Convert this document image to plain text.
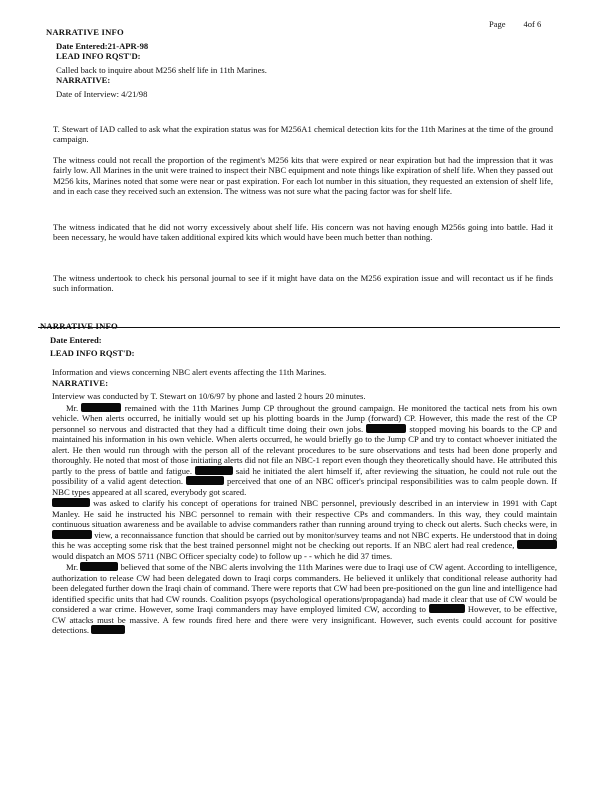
Page 4of 6
NARRATIVE INFO
Date Entered:21-APR-98
LEAD INFO RQST'D:
Called back to inquire about M256 shelf life in 11th Marines.
NARRATIVE:
Date of Interview: 4/21/98

T. Stewart of IAD called to ask what the expiration status was for M256A1 chemical detection kits for the 11th Marines at the time of the ground campaign.

The witness could not recall the proportion of the regiment's M256 kits that were expired or near expiration but had the impression that it was fairly low. All Marines in the unit were trained to inspect their NBC equipment and note things like expiration of shelf life. When they passed out M256 kits, Marines noted that some were near or past expiration. For each lot number in this situation, they requested an extension of shelf life, and in each case they received such an extension. The witness was not sure what the pacing factor was for shelf life.

The witness indicated that he did not worry excessively about shelf life. His concern was not having enough M256s going into battle. Had it been necessary, he would have taken additional expired kits which would have been much better than nothing.

The witness undertook to check his personal journal to see if it might have data on the M256 expiration issue and will recontact us if he finds such information.

NARRATIVE INFO
Date Entered:
LEAD INFO RQST'D:
Information and views concerning NBC alert events affecting the 11th Marines.
NARRATIVE:
Interview was conducted by T. Stewart on 10/6/97 by phone and lasted 2 hours 20 minutes.

Mr.	remained with the 11th Marines Jump CP throughout the ground campaign. He monitored the tactical nets from his own vehicle. When alerts occurred, he initially would set up his plotting boards in the Jump (forward) CP. However, this made the rest of the CP personnel so nervous and distracted that they had a difficult time doing their own jobs.	stopped moving his boards to the CP and maintained his information in his own vehicle. When alerts occurred, he would briefly go to the Jump CP and try to contact whoever initiated the alert. He then would run through with the person all of the relevant procedures to be sure observations and tests had been done properly and thoroughly. He noted that most of those initiating alerts did not file an NBC-1 report even though they theoretically should have. He attributed this partly to the press of battle and fatigue.	said he initiated the alert himself if, after reviewing the situation, he could not rule out the possibility of a valid agent detection.	perceived that one of an NBC officer's principal responsibilities was to calm people down. If NBC types appeared at all scared, everybody got scared.

was asked to clarify his concept of operations for trained NBC personnel, previously described in an interview in 1991 with Capt Manley. He said he instructed his NBC personnel to remain with their respective CPs and commanders. In this way, they could maintain continuous situation awareness and be available to advise commanders rather than running around trying to check out alerts. Such checks were, in  view, a reconnaissance function that should be carried out by monitor/survey teams and not NBC experts. He understood that in doing this he was accepting some risk that the best trained personnel might not be checking out reports. If an NBC alert had real credence,  would dispatch an MOS 5711 (NBC Officer specialty code) to follow up - - which he did 37 times.

Mr.	believed that some of the NBC alerts involving the 11th Marines were due to Iraqi use of CW agent. According to intelligence, authorization to release CW had been delegated down to Iraqi corps commanders. He believed it unlikely that conditional release authority had been delegated further down the Iraqi chain of command. There were reports that CW had been pre-positioned on the gun line and intelligence had identified specific units that had CW rounds. Coalition psyops (psychological operations/propaganda) had made it clear that use of CW would be considered a war crime. However, some Iraqi commanders may have employed limited CW, according to	However, to be effective, CW attacks must be massive. A few rounds fired here and there were very insignificant. However, such events could account for positive detections.
